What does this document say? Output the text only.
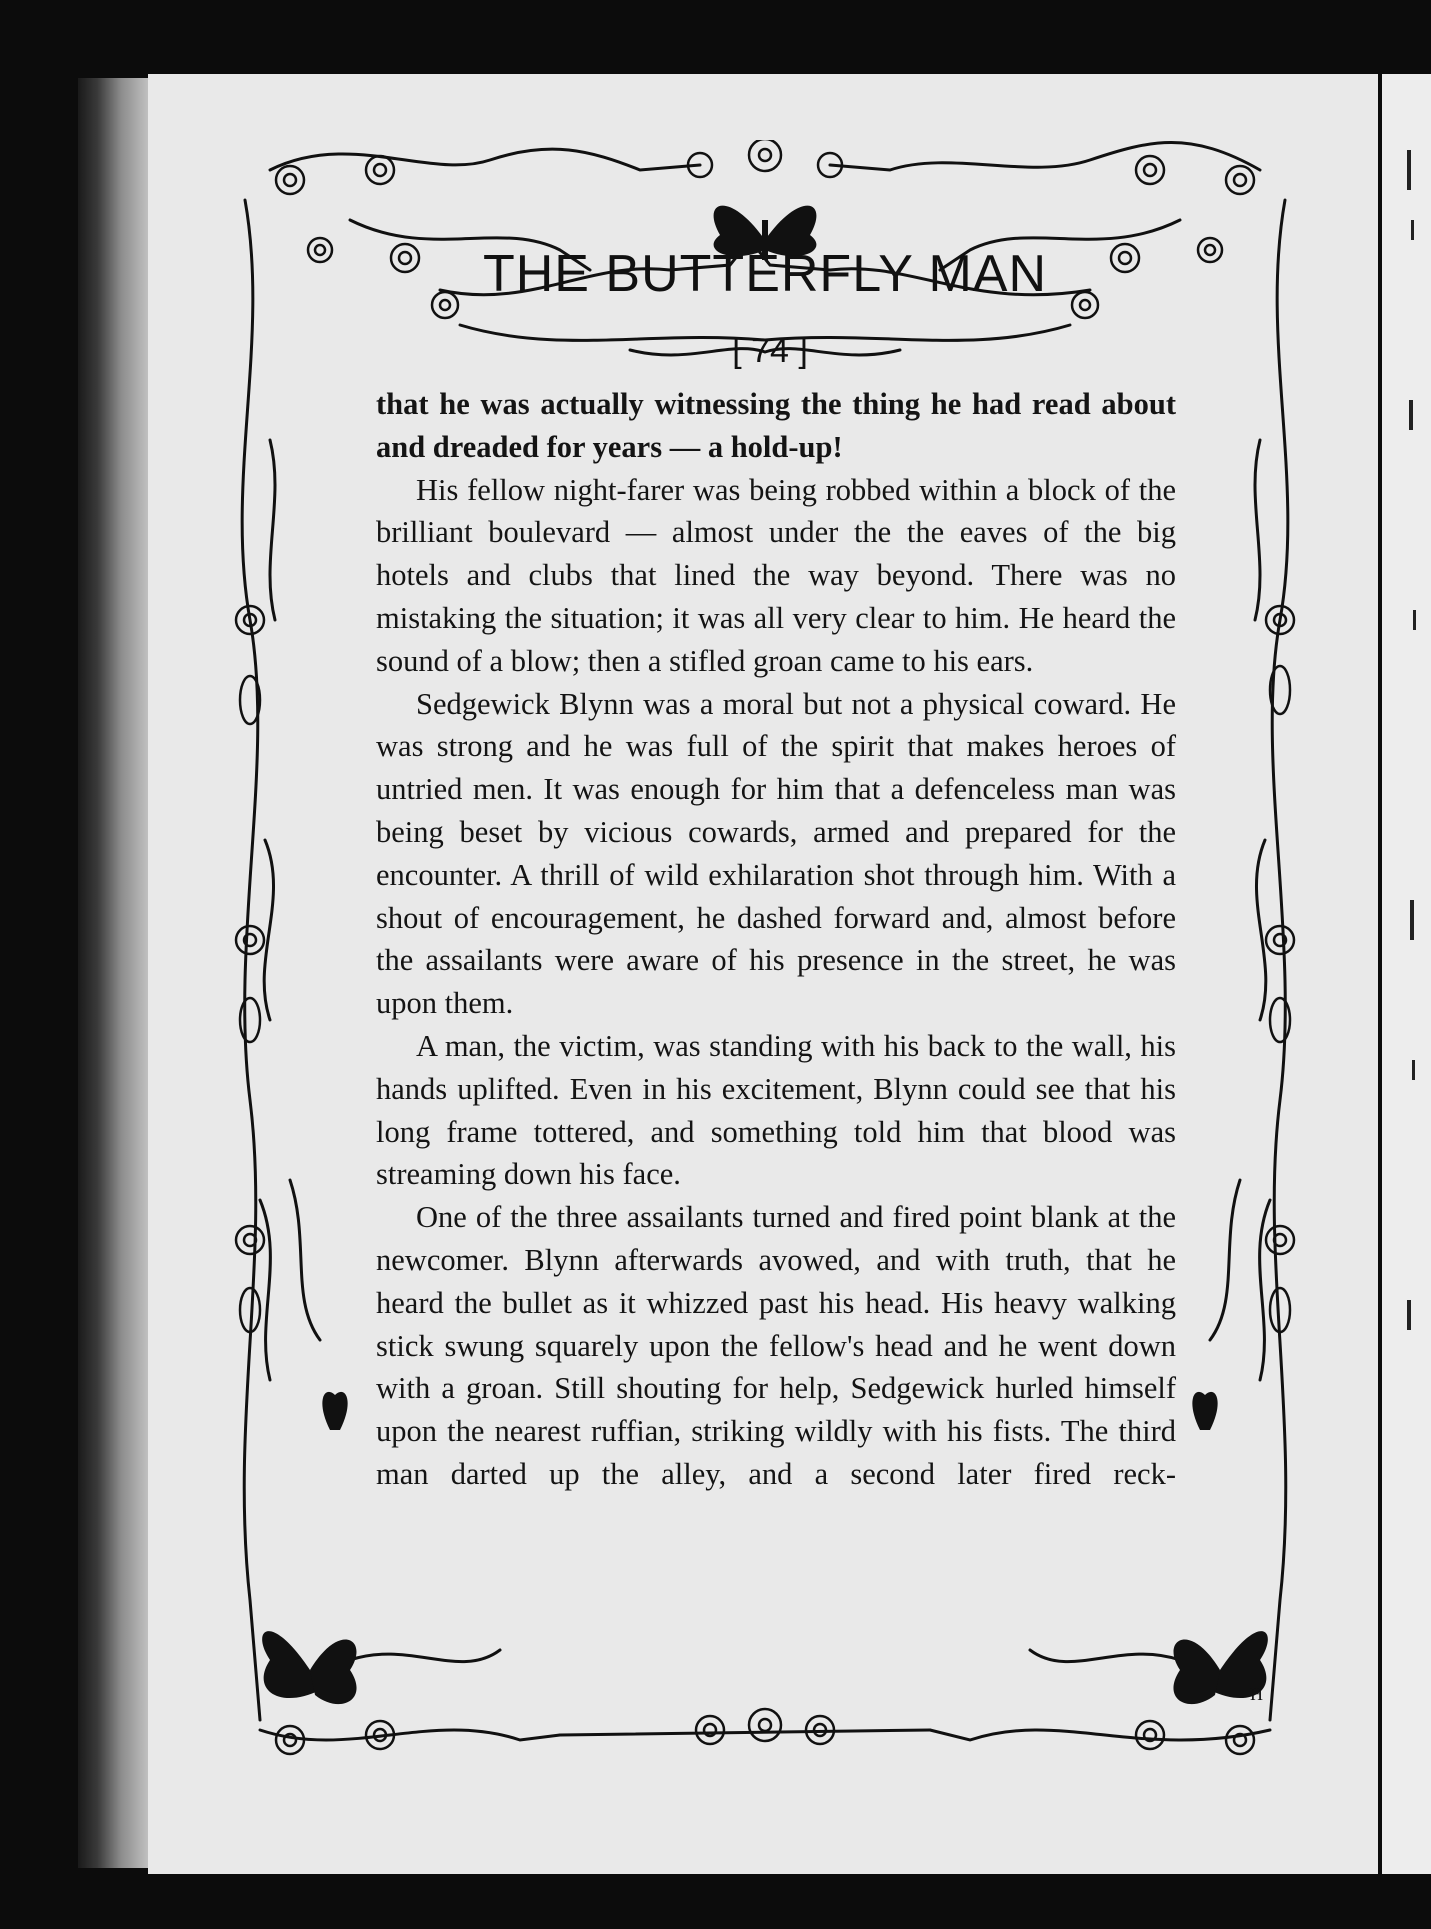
H
THE BUTTERFLY MAN
[ 74 ]

that he was actually witnessing the thing he had read about and dreaded for years — a hold-up!

His fellow night-farer was being robbed within a block of the brilliant boulevard — almost under the the eaves of the big hotels and clubs that lined the way beyond. There was no mistaking the situation; it was all very clear to him. He heard the sound of a blow; then a stifled groan came to his ears.

Sedgewick Blynn was a moral but not a physical coward. He was strong and he was full of the spirit that makes heroes of untried men. It was enough for him that a defenceless man was being beset by vicious cowards, armed and prepared for the encounter. A thrill of wild exhilaration shot through him. With a shout of encouragement, he dashed forward and, almost before the assailants were aware of his presence in the street, he was upon them.

A man, the victim, was standing with his back to the wall, his hands uplifted. Even in his excitement, Blynn could see that his long frame tottered, and something told him that blood was streaming down his face.

One of the three assailants turned and fired point blank at the newcomer. Blynn afterwards avowed, and with truth, that he heard the bullet as it whizzed past his head. His heavy walking stick swung squarely upon the fellow's head and he went down with a groan. Still shouting for help, Sedgewick hurled himself upon the nearest ruffian, striking wildly with his fists. The third man darted up the alley, and a second later fired reck-
